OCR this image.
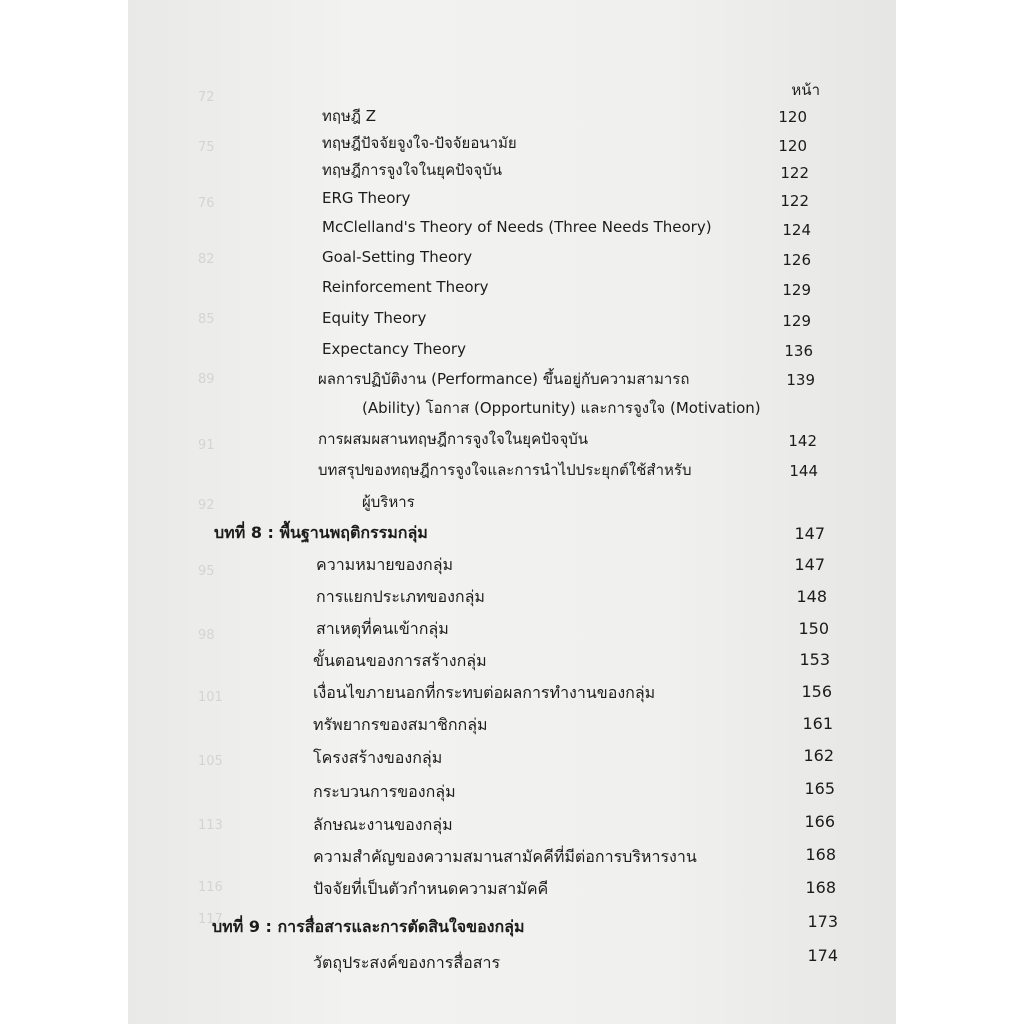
72
75
76
82
85
89
91
92
95
98
101
105
113
116
117
หน้า
ทฤษฎี Z
ทฤษฎีปัจจัยจูงใจ-ปัจจัยอนามัย
ทฤษฎีการจูงใจในยุคปัจจุบัน
ERG Theory
McClelland's Theory of Needs (Three Needs Theory)
Goal-Setting Theory
Reinforcement Theory
Equity Theory
Expectancy Theory
ผลการปฏิบัติงาน (Performance) ขึ้นอยู่กับความสามารถ
(Ability) โอกาส (Opportunity) และการจูงใจ (Motivation)
การผสมผสานทฤษฎีการจูงใจในยุคปัจจุบัน
บทสรุปของทฤษฎีการจูงใจและการนำไปประยุกต์ใช้สำหรับ
ผู้บริหาร
บทที่ 8 : พื้นฐานพฤติกรรมกลุ่ม
ความหมายของกลุ่ม
การแยกประเภทของกลุ่ม
สาเหตุที่คนเข้ากลุ่ม
ขั้นตอนของการสร้างกลุ่ม
เงื่อนไขภายนอกที่กระทบต่อผลการทำงานของกลุ่ม
ทรัพยากรของสมาชิกกลุ่ม
โครงสร้างของกลุ่ม
กระบวนการของกลุ่ม
ลักษณะงานของกลุ่ม
ความสำคัญของความสมานสามัคคีที่มีต่อการบริหารงาน
ปัจจัยที่เป็นตัวกำหนดความสามัคคี
บทที่ 9 : การสื่อสารและการตัดสินใจของกลุ่ม
วัตถุประสงค์ของการสื่อสาร
120
120
122
122
124
126
129
129
136
139
142
144
147
147
148
150
153
156
161
162
165
166
168
168
173
174
